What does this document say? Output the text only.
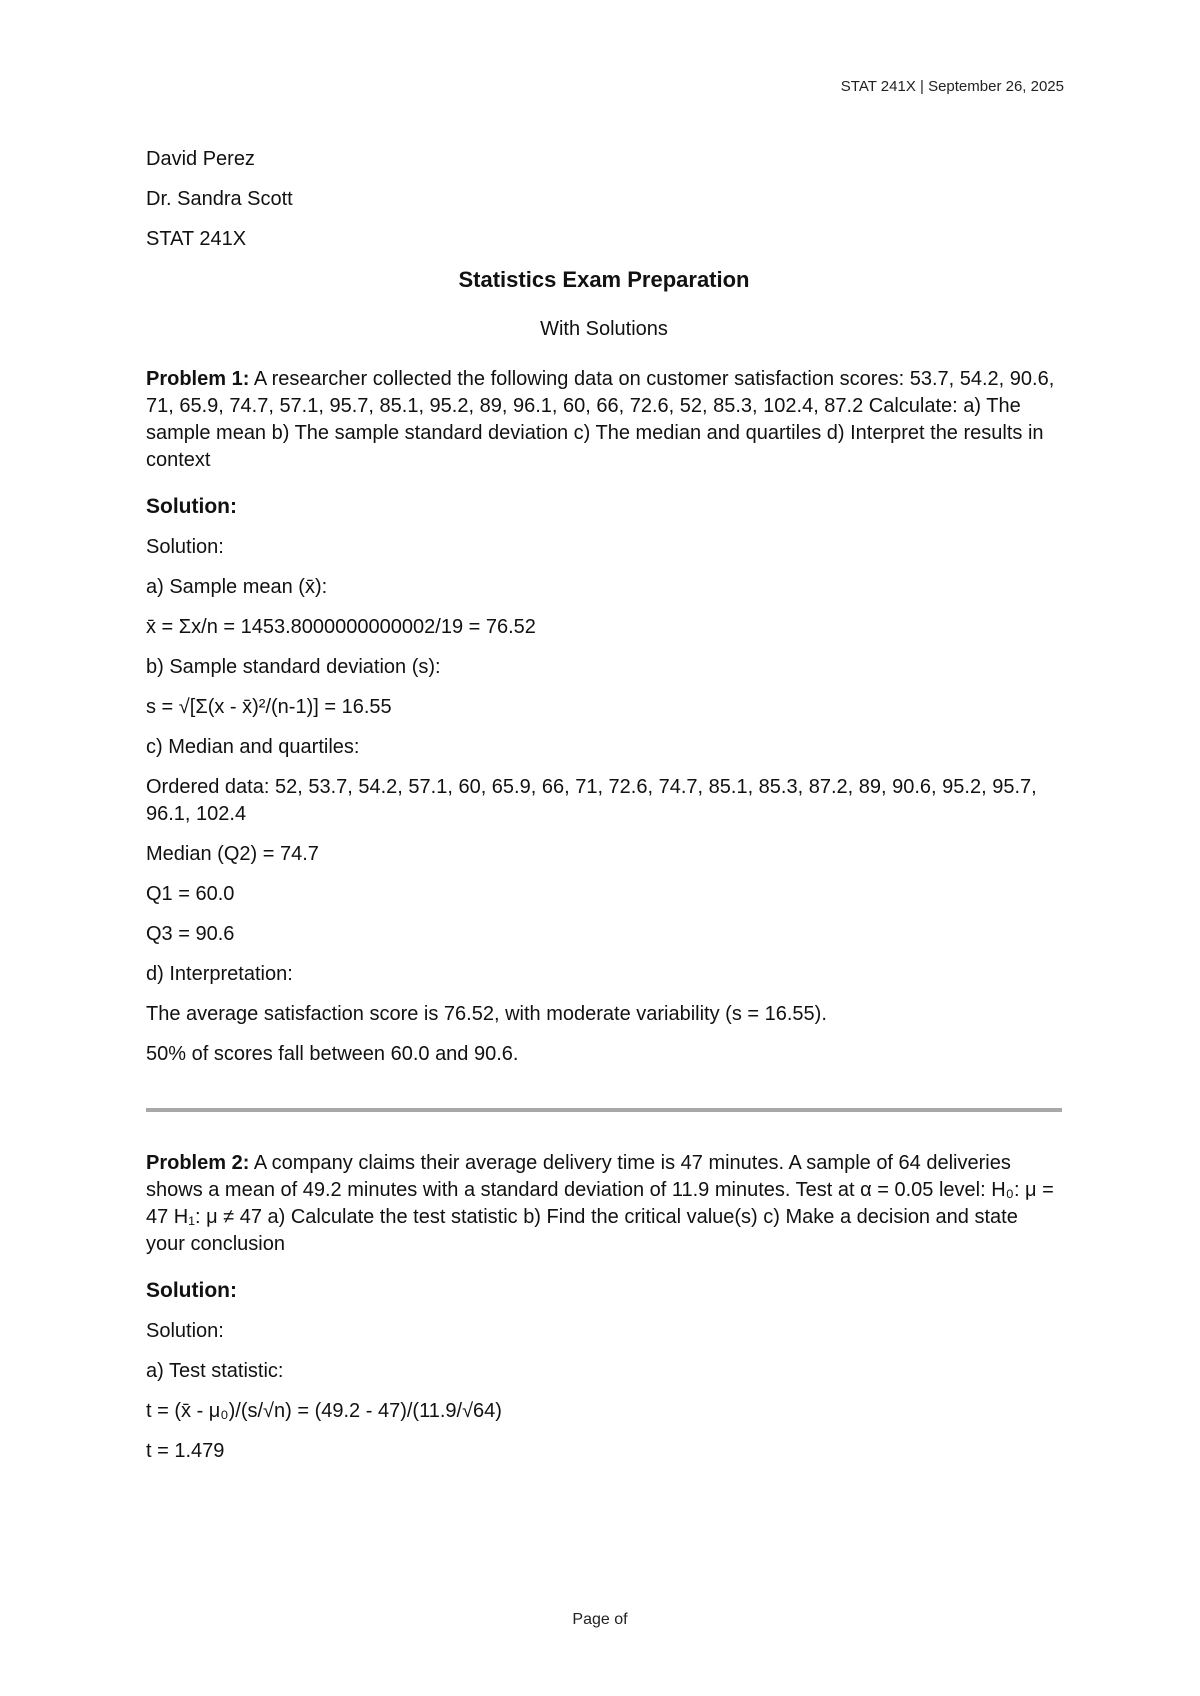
STAT 241X | September 26, 2025

David Perez

Dr. Sandra Scott

STAT 241X

Statistics Exam Preparation
With Solutions
Problem 1: A researcher collected the following data on customer satisfaction scores: 53.7, 54.2, 90.6, 71, 65.9, 74.7, 57.1, 95.7, 85.1, 95.2, 89, 96.1, 60, 66, 72.6, 52, 85.3, 102.4, 87.2 Calculate: a) The sample mean b) The sample standard deviation c) The median and quartiles d) Interpret the results in context
Solution:
Solution:
a) Sample mean (x̄):
x̄ = Σx/n = 1453.8000000000002/19 = 76.52
b) Sample standard deviation (s):
s = √[Σ(x - x̄)²/(n-1)] = 16.55
c) Median and quartiles:
Ordered data: 52, 53.7, 54.2, 57.1, 60, 65.9, 66, 71, 72.6, 74.7, 85.1, 85.3, 87.2, 89, 90.6, 95.2, 95.7, 96.1, 102.4
Median (Q2) = 74.7
Q1 = 60.0
Q3 = 90.6
d) Interpretation:
The average satisfaction score is 76.52, with moderate variability (s = 16.55).
50% of scores fall between 60.0 and 90.6.
Problem 2: A company claims their average delivery time is 47 minutes. A sample of 64 deliveries shows a mean of 49.2 minutes with a standard deviation of 11.9 minutes. Test at α = 0.05 level: H₀: μ = 47 H₁: μ ≠ 47 a) Calculate the test statistic b) Find the critical value(s) c) Make a decision and state your conclusion
Solution:
Solution:
a) Test statistic:
t = (x̄ - μ₀)/(s/√n) = (49.2 - 47)/(11.9/√64)
t = 1.479
Page of
